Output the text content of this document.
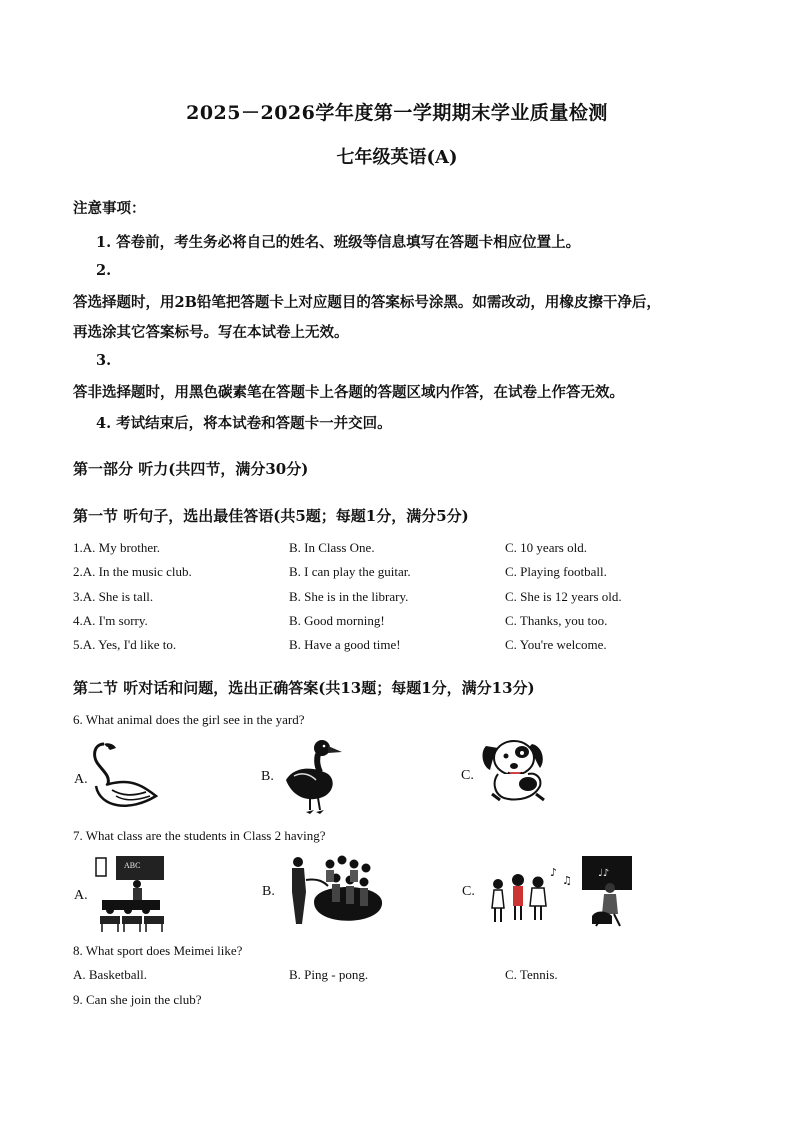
2025－2026学年度第一学期期末学业质量检测
七年级英语(A)
注意事项：
1. 答卷前，考生务必将自己的姓名、班级等信息填写在答题卡相应位置上。
2.
答选择题时，用2B铅笔把答题卡上对应题目的答案标号涂黑。如需改动，用橡皮擦干净后，
再选涂其它答案标号。写在本试卷上无效。
3.
答非选择题时，用黑色碳素笔在答题卡上各题的答题区域内作答，在试卷上作答无效。
4. 考试结束后，将本试卷和答题卡一并交回。
第一部分 听力(共四节，满分30分)
第一节 听句子，选出最佳答语(共5题；每题1分，满分5分)
1.A. My brother.	B. In Class One.	C. 10 years old.
2.A. In the music club.	B. I can play the guitar.	C. Playing football.
3.A. She is tall.	B. She is in the library.	C. She is 12 years old.
4.A. I'm sorry.	B. Good morning!	C. Thanks, you too.
5.A. Yes, I'd like to.	B. Have a good time!	C. You're welcome.
第二节 听对话和问题，选出正确答案(共13题；每题1分，满分13分)
6. What animal does the girl see in the yard?
A.	B.	C.
7. What class are the students in Class 2 having?
A.
ABC
B.	C.
♪
♫
♩♪
8. What sport does Meimei like?
A. Basketball.	B. Ping - pong.	C. Tennis.
9. Can she join the club?
